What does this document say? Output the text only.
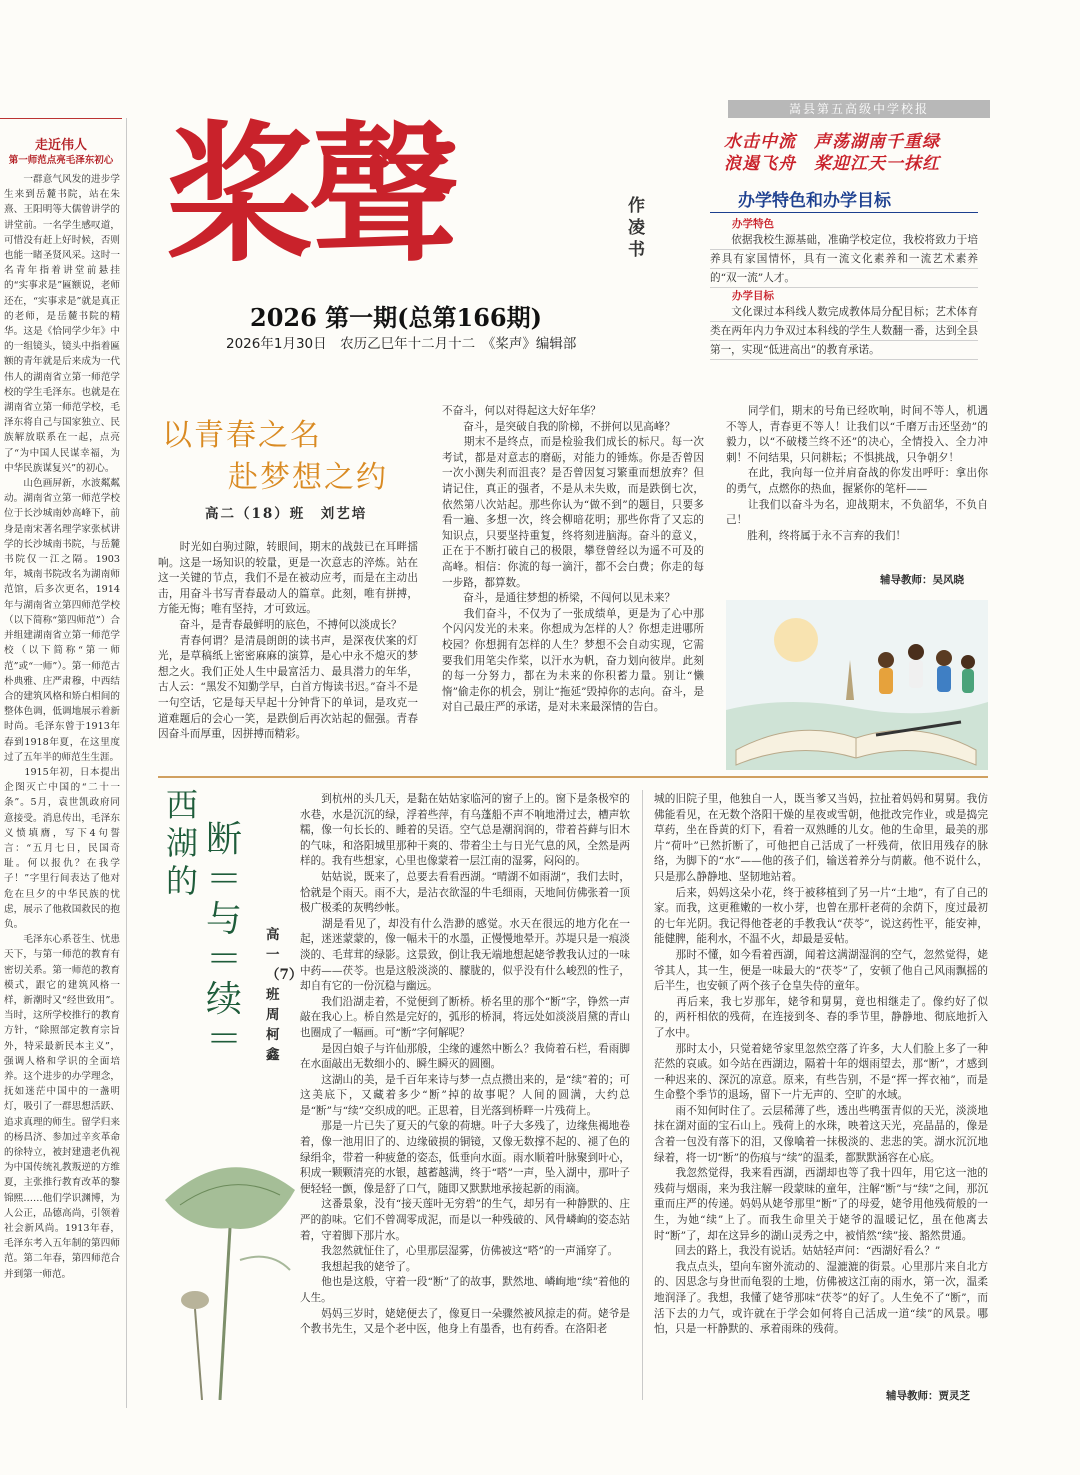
走近伟人
第一师范点亮毛泽东初心
　　一群意气风发的进步学生来到岳麓书院，站在朱熹、王阳明等大儒曾讲学的讲堂前。一名学生感叹道，可惜没有赶上好时候，否则也能一睹圣贤风采。这时一名青年指着讲堂前悬挂的“实事求是”匾额说，老师还在，“实事求是”就是真正的老师，是岳麓书院的精华。这是《恰同学少年》中的一组镜头，镜头中指着匾额的青年就是后来成为一代伟人的湖南省立第一师范学校的学生毛泽东。也就是在湖南省立第一师范学校，毛泽东将自己与国家独立、民族解放联系在一起，点亮了“为中国人民谋幸福，为中华民族谋复兴”的初心。
　　山色画屏新，水波粼粼动。湖南省立第一师范学校位于长沙城南妙高峰下，前身是南宋著名理学家张栻讲学的长沙城南书院，与岳麓书院仅一江之隔。1903年，城南书院改名为湖南师范馆，后多次更名，1914年与湖南省立第四师范学校（以下简称“第四师范”）合并组建湖南省立第一师范学校（以下简称“第一师范”或“一师”）。第一师范古朴典雅、庄严肃穆，中西结合的建筑风格和矫白相间的整体色调，低调地展示着新时尚。毛泽东曾于1913年春到1918年夏，在这里度过了五年半的师范生生涯。
　　1915年初，日本提出企图灭亡中国的“二十一条”。5月，袁世凯政府同意接受。消息传出，毛泽东义愤填膺，写下4句誓言：“五月七日，民国奇耻。何以报仇？在我学子！”字里行间表达了他对危在旦夕的中华民族的忧虑，展示了他救国救民的抱负。
　　毛泽东心系苍生、忧患天下，与第一师范的教育有密切关系。第一师范的教育模式，跟它的建筑风格一样，新潮时又“经世致用”。当时，这所学校推行的教育方针，“除照部定教育宗旨外，特采最新民本主义”，强调人格和学识的全面培养。这个进步的办学理念，抚如迷茫中国中的一盏明灯，吸引了一群思想活跃、追求真理的师生。留学归来的杨昌济、参加过辛亥革命的徐特立，被封建遗老仇视为中国传统礼教叛逆的方维夏，主张推行教育改革的黎锦熙……他们学识渊博，为人公正，品德高尚，引领着社会新风尚。1913年春，毛泽东考入五年制的第四师范。第二年春，第四师范合并到第一师范。
桨聲	作凌书
2026 第一期(总第166期)
2026年1月30日　农历乙巳年十二月十二　《桨声》编辑部
嵩县第五高级中学校报
水击中流　声荡湖南千重绿
浪遏飞舟　桨迎江天一抹红
办学特色和办学目标
办学特色
依据我校生源基础，准确学校定位，我校将致力于培养具有家国情怀，具有一流文化素养和一流艺术素养的“双一流”人才。
办学目标
文化课过本科线人数完成教体局分配目标；艺术体育类在两年内力争双过本科线的学生人数翻一番，达到全县第一，实现“低进高出”的教育承诺。
以青春之名
赴梦想之约
高二（18）班　刘艺培
　　时光如白驹过隙，转眼间，期末的战鼓已在耳畔擂响。这是一场知识的较量，更是一次意志的淬炼。站在这一关键的节点，我们不是在被动应考，而是在主动出击，用奋斗书写青春最动人的篇章。此刻，唯有拼搏，方能无悔；唯有坚持，才可致远。
　　奋斗，是青春最鲜明的底色，不搏何以淡成长？
　　青春何谓？是清晨朗朗的读书声，是深夜伏案的灯光，是草稿纸上密密麻麻的演算，是心中永不熄灭的梦想之火。我们正处人生中最富活力、最具潜力的年华，古人云：“黑发不知勤学早，白首方悔读书迟。”奋斗不是一句空话，它是每天早起十分钟背下的单词，是攻克一道难题后的会心一笑，是跌倒后再次站起的倔强。青春因奋斗而厚重，因拼搏而精彩。
不奋斗，何以对得起这大好年华？
　　奋斗，是突破自我的阶梯，不拼何以见高峰？
　　期末不是终点，而是检验我们成长的标尺。每一次考试，都是对意志的磨砺，对能力的锤炼。你是否曾因一次小测失利而沮丧？是否曾因复习繁重而想放弃？但请记住，真正的强者，不是从未失败，而是跌倒七次，依然第八次站起。那些你认为“做不到”的题目，只要多看一遍、多想一次，终会柳暗花明；那些你背了又忘的知识点，只要坚持重复，终将刻进脑海。奋斗的意义，正在于不断打破自己的极限，攀登曾经以为遥不可及的高峰。相信：你流的每一滴汗，都不会白费；你走的每一步路，都算数。
　　奋斗，是通往梦想的桥梁，不闯何以见未来？
　　我们奋斗，不仅为了一张成绩单，更是为了心中那个闪闪发光的未来。你想成为怎样的人？你想走进哪所校园？你想拥有怎样的人生？梦想不会自动实现，它需要我们用笔尖作桨，以汗水为帆，奋力划向彼岸。此刻的每一分努力，都在为未来的你积蓄力量。别让“懒惰”偷走你的机会，别让“拖延”毁掉你的志向。奋斗，是对自己最庄严的承诺，是对未来最深情的告白。
　　同学们，期末的号角已经吹响，时间不等人，机遇不等人，青春更不等人！让我们以“千磨万击还坚劲”的毅力，以“不破楼兰终不还”的决心，全情投入、全力冲刺！不问结果，只问耕耘；不惧挑战，只争朝夕！
　　在此，我向每一位并肩奋战的你发出呼吁：拿出你的勇气，点燃你的热血，握紧你的笔杆——
　　让我们以奋斗为名，迎战期末，不负韶华，不负自己！
　　胜利，终将属于永不言弃的我们！
辅导教师：吴风晓
西湖的
断＝与＝续＝
高一（7）班　周柯鑫
　　到杭州的头几天，是黏在姑姑家临河的窗子上的。窗下是条极窄的水巷，水是沉沉的绿，浮着些萍，有乌蓬船不声不响地滑过去，槽声软糯，像一句长长的、睡着的吴语。空气总是潮润润的，带着苔藓与旧木的气味，和洛阳城里那种干爽的、带着尘土与日光气息的风，全然是两样的。我有些想家，心里也像蒙着一层江南的湿雾，闷闷的。
　　姑姑说，既来了，总要去看看西湖。“晴湖不如雨湖”，我们去时，恰就是个雨天。雨不大，是沾衣欲湿的牛毛细雨，天地间仿佛张着一顶极广极柔的灰鸭纱帐。
　　湖是看见了，却没有什么浩渺的感觉。水天在很远的地方化在一起，迷迷蒙蒙的，像一幅未干的水墨，正慢慢地晕开。苏堤只是一痕淡淡的、毛茸茸的绿影。这景致，倒让我无端地想起姥爷教我认过的一味中药——茯苓。也是这般淡淡的、朦胧的，似乎没有什么峻烈的性子，却自有它的一份沉稳与幽远。
　　我们沿湖走着，不觉便到了断桥。桥名里的那个“断”字，铮然一声敲在我心上。桥自然是完好的，弧形的桥洞，将远处如淡淡眉黛的青山也圈成了一幅画。可“断”字何解呢？
　　是因白娘子与许仙那般，尘缘的遽然中断么？我倚着石栏，看雨脚在水面敲出无数细小的、瞬生瞬灭的圆圈。
　　这湖山的美，是千百年来诗与梦一点点攒出来的，是“续”着的；可这美底下，又藏着多少“断”掉的故事呢？人间的圆满，大约总是“断”与“续”交织成的吧。正思着，目光落到桥畔一片残荷上。
　　那是一片已失了夏天的气象的荷塘。叶子大多残了，边缘焦褐地卷着，像一池用旧了的、边缘破损的铜镜，又像无数撑不起的、褪了色的绿绢伞，带着一种疲惫的姿态，低垂向水面。雨水顺着叶脉聚到叶心，积成一颗颗清亮的水银，越蓄越满，终于“嗒”一声，坠入湖中，那叶子便轻轻一颤，像是舒了口气，随即又默默地承接起新的雨滴。
　　这番景象，没有“接天莲叶无穷碧”的生气，却另有一种静默的、庄严的韵味。它们不曾凋零成泥，而是以一种残破的、风骨嶙峋的姿态站着，守着脚下那片水。
　　我忽然就怔住了，心里那层湿雾，仿佛被这“嗒”的一声涌穿了。
　　我想起我的姥爷了。
　　他也是这般，守着一段“断”了的故事，默然地、嶙峋地“续”着他的人生。
　　妈妈三岁时，姥姥便去了，像夏日一朵骤然被风掠走的荷。姥爷是个教书先生，又是个老中医，他身上有墨香，也有药香。在洛阳老
城的旧院子里，他独自一人，既当爹又当妈，拉扯着妈妈和舅舅。我仿佛能看见，在无数个洛阳干燥的星夜或雪朝，他批改完作业，或是捣完草药，坐在昏黄的灯下，看着一双熟睡的儿女。他的生命里，最美的那片“荷叶”已然折断了，可他把自己活成了一杆残荷，依旧用残存的脉络，为脚下的“水”——他的孩子们，输送着养分与荫蔽。他不说什么，只是那么静静地、坚韧地站着。
　　后来，妈妈这朵小花，终于被移植到了另一片“土地”，有了自己的家。而我，这更稚嫩的一枚小芽，也曾在那杆老荷的余荫下，度过最初的七年光阴。我记得他苍老的手教我认“茯苓”，说这药性平，能安神，能健脾，能利水，不温不火，却最是妥帖。
　　那时不懂，如今看着西湖，闻着这满湖湿润的空气，忽然觉得，姥爷其人，其一生，便是一味最大的“茯苓”了，安顿了他自己风雨飘摇的后半生，也安顿了两个孩子仓皇失侍的童年。
　　再后来，我七岁那年，姥爷和舅舅，竟也相继走了。像约好了似的，两杆相依的残荷，在连接到冬、春的季节里，静静地、彻底地折入了水中。
　　那时太小，只觉着姥爷家里忽然空落了许多，大人们脸上多了一种茫然的哀戚。如今站在西湖边，隔着十年的烟雨望去，那“断”，才感到一种迟来的、深沉的凉意。原来，有些告别，不是“挥一挥衣袖”，而是生命整个季节的退场，留下一片无声的、空旷的水域。
　　雨不知何时住了。云层稀薄了些，透出些鸭蛋青似的天光，淡淡地抹在湖对面的宝石山上。残荷上的水珠，映着这天光，亮晶晶的，像是含着一包没有落下的泪，又像噙着一抹极淡的、悲悲的笑。湖水沉沉地绿着，将一切“断”的伤痕与“续”的温柔，都默默涵容在心底。
　　我忽然觉得，我来看西湖，西湖却也等了我十四年，用它这一池的残荷与烟雨，来为我注解一段蒙昧的童年，注解“断”与“续”之间，那沉重而庄严的传递。妈妈从姥爷那里“断”了的母爱，姥爷用他残荷般的一生，为她“续”上了。而我生命里关于姥爷的温暖记忆，虽在他离去时“断”了，却在这异乡的湖山灵秀之中，被悄然“续”接、豁然贯通。
　　回去的路上，我没有说话。姑姑轻声问：“西湖好看么？”
　　我点点头，望向车窗外流动的、湿漉漉的街景。心里那片来自北方的、因思念与身世而龟裂的土地，仿佛被这江南的雨水，第一次，温柔地润泽了。我想，我懂了姥爷那味“茯苓”的好了。人生免不了“断”，而活下去的力气，或许就在于学会如何将自己活成一道“续”的风景。哪怕，只是一杆静默的、承着雨珠的残荷。
辅导教师：贾灵芝
